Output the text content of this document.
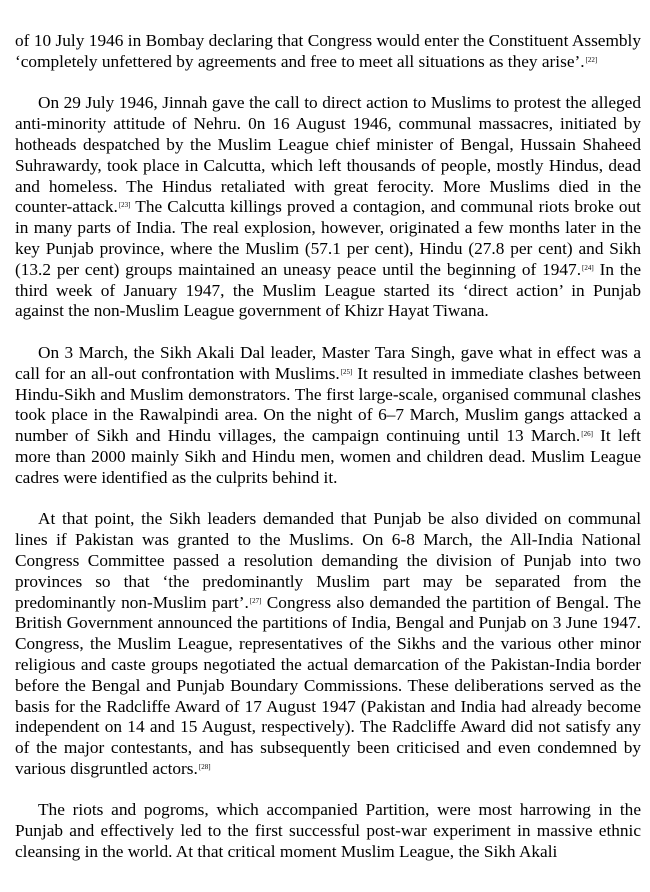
of 10 July 1946 in Bombay declaring that Congress would enter the Constituent Assembly ‘completely unfettered by agreements and free to meet all situations as they arise’.[22]

On 29 July 1946, Jinnah gave the call to direct action to Muslims to protest the alleged anti-minority attitude of Nehru. 0n 16 August 1946, communal massacres, initiated by hotheads despatched by the Muslim League chief minister of Bengal, Hussain Shaheed Suhrawardy, took place in Calcutta, which left thousands of people, mostly Hindus, dead and homeless. The Hindus retaliated with great ferocity. More Muslims died in the counter-attack.[23] The Calcutta killings proved a contagion, and communal riots broke out in many parts of India. The real explosion, however, originated a few months later in the key Punjab province, where the Muslim (57.1 per cent), Hindu (27.8 per cent) and Sikh (13.2 per cent) groups maintained an uneasy peace until the beginning of 1947.[24] In the third week of January 1947, the Muslim League started its ‘direct action’ in Punjab against the non-Muslim League government of Khizr Hayat Tiwana.

On 3 March, the Sikh Akali Dal leader, Master Tara Singh, gave what in effect was a call for an all-out confrontation with Muslims.[25] It resulted in immediate clashes between Hindu-Sikh and Muslim demonstrators. The first large-scale, organised communal clashes took place in the Rawalpindi area. On the night of 6–7 March, Muslim gangs attacked a number of Sikh and Hindu villages, the campaign continuing until 13 March.[26] It left more than 2000 mainly Sikh and Hindu men, women and children dead. Muslim League cadres were identified as the culprits behind it.

At that point, the Sikh leaders demanded that Punjab be also divided on communal lines if Pakistan was granted to the Muslims. On 6-8 March, the All-India National Congress Committee passed a resolution demanding the division of Punjab into two provinces so that ‘the predominantly Muslim part may be separated from the predominantly non-Muslim part’.[27] Congress also demanded the partition of Bengal. The British Government announced the partitions of India, Bengal and Punjab on 3 June 1947. Congress, the Muslim League, representatives of the Sikhs and the various other minor religious and caste groups negotiated the actual demarcation of the Pakistan-India border before the Bengal and Punjab Boundary Commissions. These deliberations served as the basis for the Radcliffe Award of 17 August 1947 (Pakistan and India had already become independent on 14 and 15 August, respectively). The Radcliffe Award did not satisfy any of the major contestants, and has subsequently been criticised and even condemned by various disgruntled actors.[28]

The riots and pogroms, which accompanied Partition, were most harrowing in the Punjab and effectively led to the first successful post-war experiment in massive ethnic cleansing in the world. At that critical moment Muslim League, the Sikh Akali
